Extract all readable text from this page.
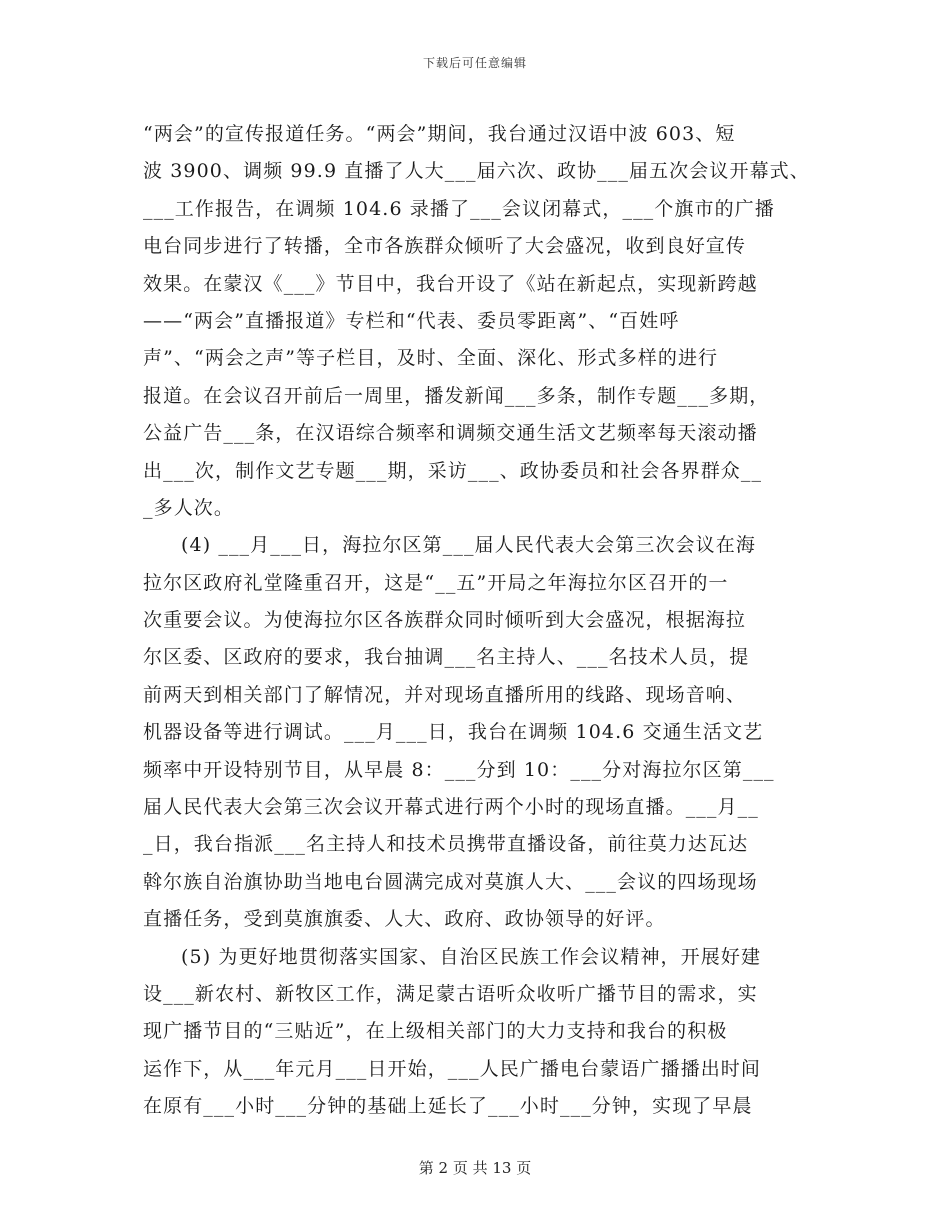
下载后可任意编辑
“两会”的宣传报道任务。“两会”期间，我台通过汉语中波 603、短
波 3900、调频 99.9 直播了人大___届六次、政协___届五次会议开幕式、
___工作报告，在调频 104.6 录播了___会议闭幕式，___个旗市的广播
电台同步进行了转播，全市各族群众倾听了大会盛况，收到良好宣传
效果。在蒙汉《___》节目中，我台开设了《站在新起点，实现新跨越
——“两会”直播报道》专栏和“代表、委员零距离”、“百姓呼
声”、“两会之声”等子栏目，及时、全面、深化、形式多样的进行
报道。在会议召开前后一周里，播发新闻___多条，制作专题___多期，
公益广告___条，在汉语综合频率和调频交通生活文艺频率每天滚动播
出___次，制作文艺专题___期，采访___、政协委员和社会各界群众__
_多人次。
(4) ___月___日，海拉尔区第___届人民代表大会第三次会议在海
拉尔区政府礼堂隆重召开，这是“__五”开局之年海拉尔区召开的一
次重要会议。为使海拉尔区各族群众同时倾听到大会盛况，根据海拉
尔区委、区政府的要求，我台抽调___名主持人、___名技术人员，提
前两天到相关部门了解情况，并对现场直播所用的线路、现场音响、
机器设备等进行调试。___月___日，我台在调频 104.6 交通生活文艺
频率中开设特别节目，从早晨 8：___分到 10：___分对海拉尔区第___
届人民代表大会第三次会议开幕式进行两个小时的现场直播。___月__
_日，我台指派___名主持人和技术员携带直播设备，前往莫力达瓦达
斡尔族自治旗协助当地电台圆满完成对莫旗人大、___会议的四场现场
直播任务，受到莫旗旗委、人大、政府、政协领导的好评。
(5) 为更好地贯彻落实国家、自治区民族工作会议精神，开展好建
设___新农村、新牧区工作，满足蒙古语听众收听广播节目的需求，实
现广播节目的“三贴近”，在上级相关部门的大力支持和我台的积极
运作下，从___年元月___日开始，___人民广播电台蒙语广播播出时间
在原有___小时___分钟的基础上延长了___小时___分钟，实现了早晨
第 2 页 共 13 页
